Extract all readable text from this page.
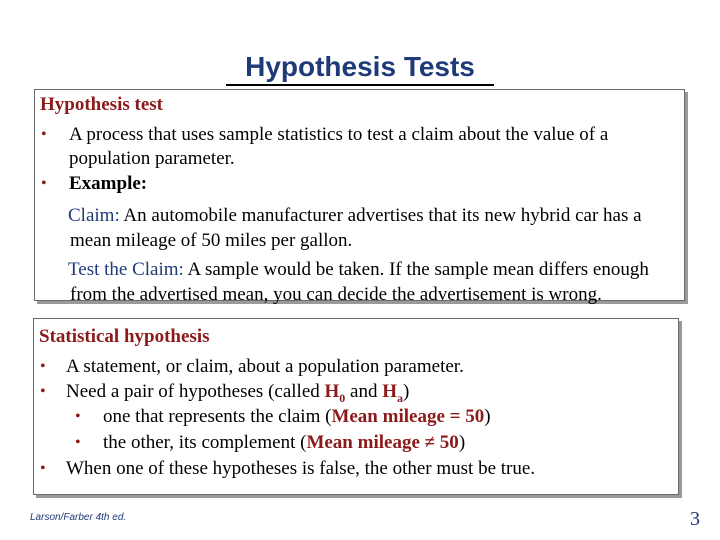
Hypothesis Tests
Hypothesis test
• A process that uses sample statistics to test a claim about the value of a
population parameter.
• Example:
Claim: An automobile manufacturer advertises that its new hybrid car has a
mean mileage of 50 miles per gallon.
Test the Claim: A sample would be taken. If the sample mean differs enough
from the advertised mean, you can decide the advertisement is wrong.
Statistical hypothesis
• A statement, or claim, about a population parameter.
• Need a pair of hypotheses (called $H_0$ and $H_a$)
• one that represents the claim (Mean mileage = 50)
• the other, its complement (Mean mileage ≠ 50)
• When one of these hypotheses is false, the other must be true.
Larson/Farber 4th ed.	3
